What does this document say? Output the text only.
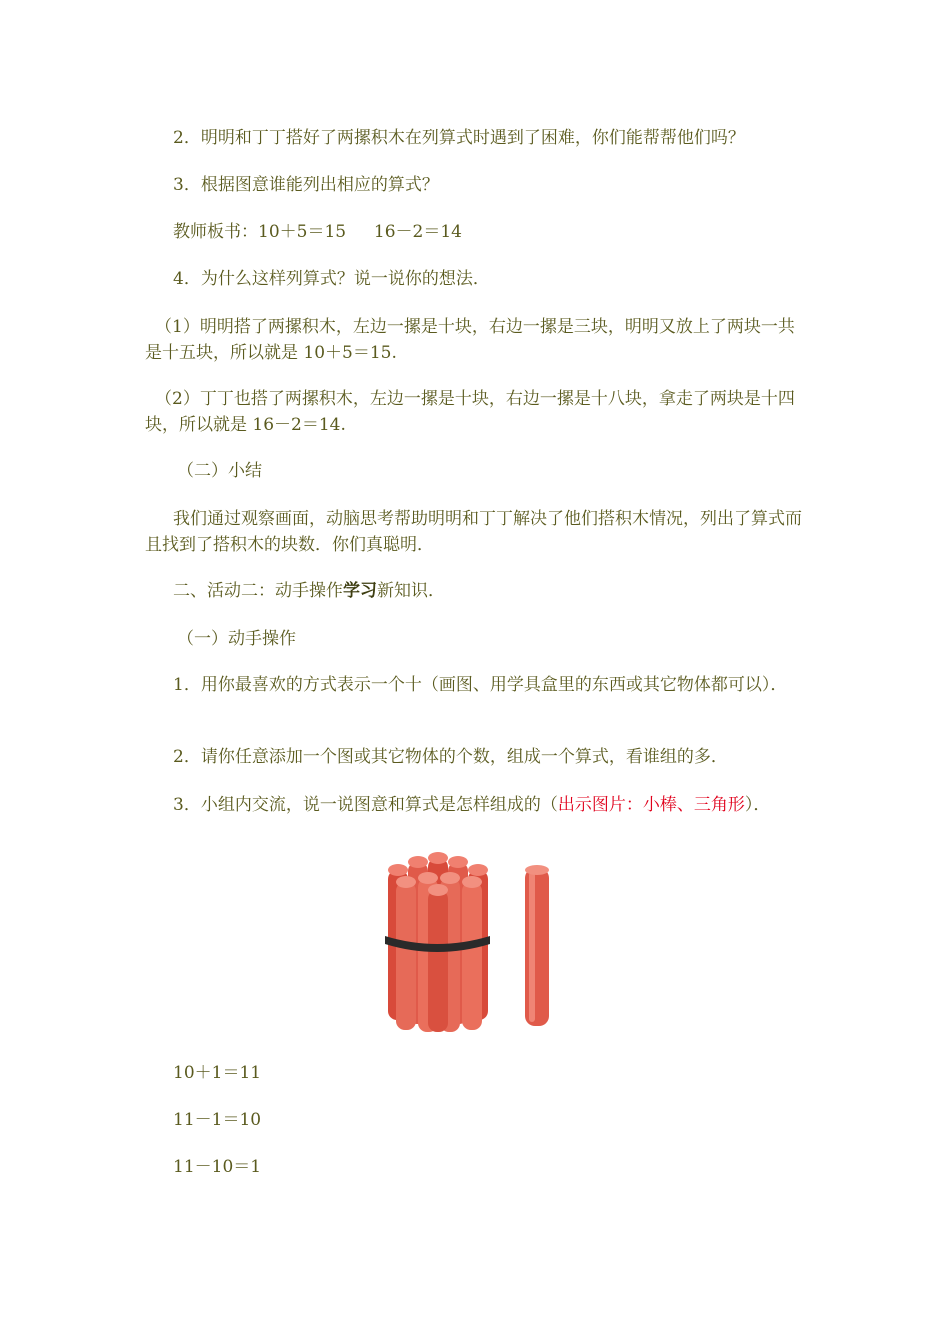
2．明明和丁丁搭好了两摞积木在列算式时遇到了困难，你们能帮帮他们吗？

3．根据图意谁能列出相应的算式？

教师板书：10＋5＝15　  16－2＝14

4．为什么这样列算式？说一说你的想法．

（1）明明搭了两摞积木，左边一摞是十块，右边一摞是三块，明明又放上了两块一共是十五块，所以就是 10＋5＝15.

（2）丁丁也搭了两摞积木，左边一摞是十块，右边一摞是十八块，拿走了两块是十四块，所以就是 16－2＝14.

（二）小结

我们通过观察画面，动脑思考帮助明明和丁丁解决了他们搭积木情况，列出了算式而且找到了搭积木的块数．你们真聪明．

二、活动二：动手操作学习新知识．

（一）动手操作

1．用你最喜欢的方式表示一个十（画图、用学具盒里的东西或其它物体都可以）．

2．请你任意添加一个图或其它物体的个数，组成一个算式，看谁组的多．

3．小组内交流，说一说图意和算式是怎样组成的（出示图片：小棒、三角形）．

10＋1＝11

11－1＝10

11－10＝1
